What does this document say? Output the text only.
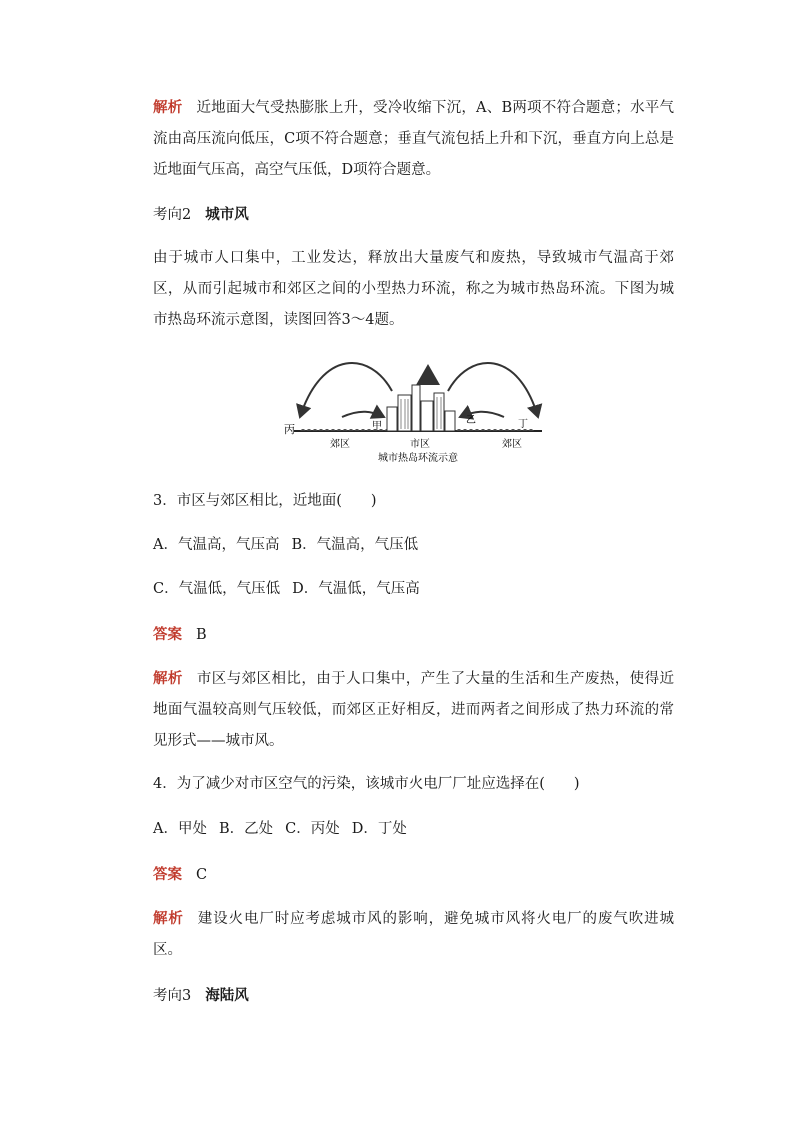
解析 近地面大气受热膨胀上升，受冷收缩下沉，A、B两项不符合题意；水平气流由高压流向低压，C项不符合题意；垂直气流包括上升和下沉，垂直方向上总是近地面气压高，高空气压低，D项符合题意。

考向2 城市风

由于城市人口集中，工业发达，释放出大量废气和废热，导致城市气温高于郊区，从而引起城市和郊区之间的小型热力环流，称之为城市热岛环流。下图为城市热岛环流示意图，读图回答3～4题。

丙	甲
乙	丁
郊区	市区	郊区
城市热岛环流示意

3．市区与郊区相比，近地面(　　)

A．气温高，气压高 B．气温高，气压低

C．气温低，气压低 D．气温低，气压高

答案 B

解析 市区与郊区相比，由于人口集中，产生了大量的生活和生产废热，使得近地面气温较高则气压较低，而郊区正好相反，进而两者之间形成了热力环流的常见形式——城市风。

4．为了减少对市区空气的污染，该城市火电厂厂址应选择在(　　)

A．甲处 B．乙处 C．丙处 D．丁处

答案 C

解析 建设火电厂时应考虑城市风的影响，避免城市风将火电厂的废气吹进城区。

考向3 海陆风
